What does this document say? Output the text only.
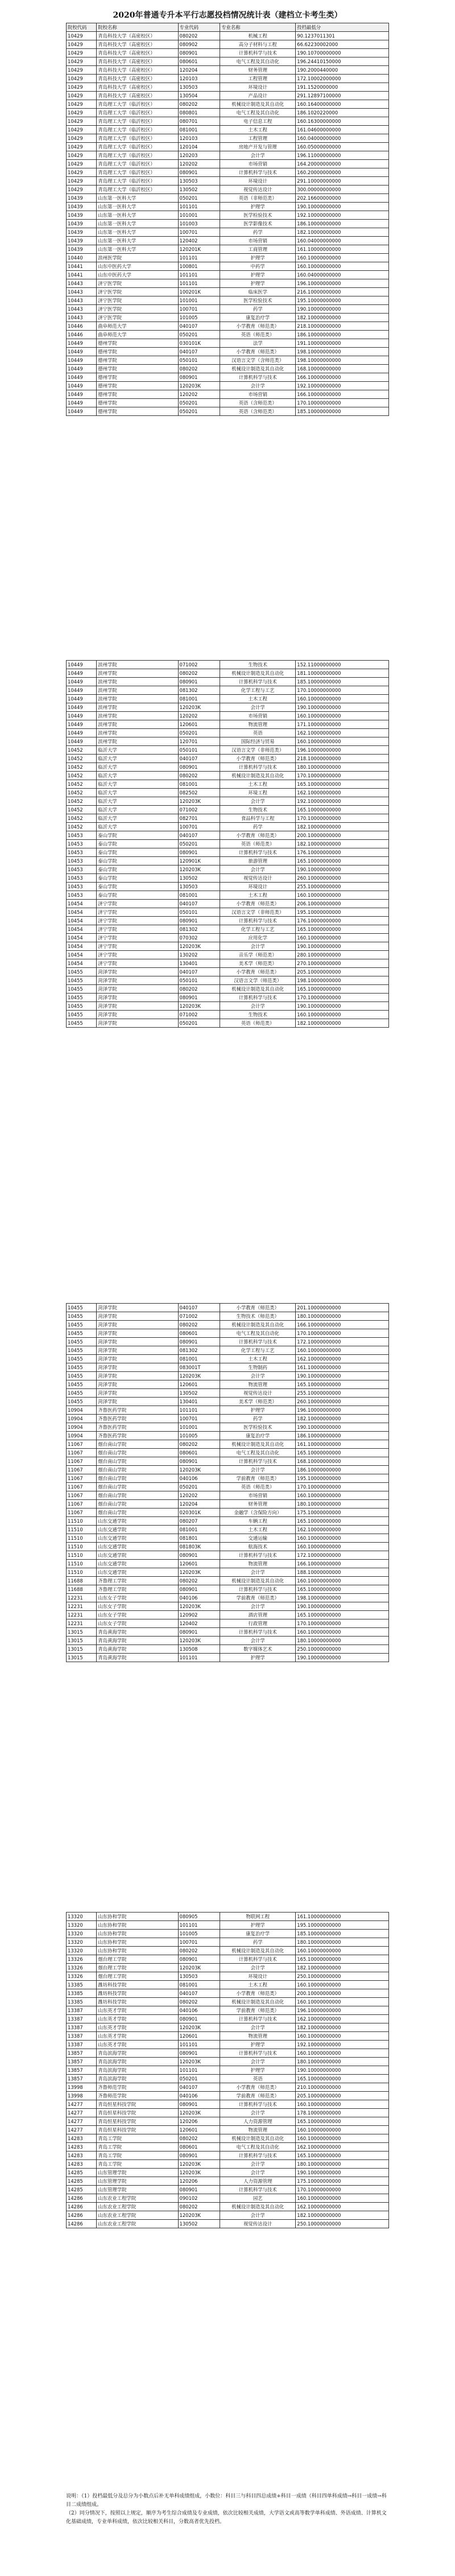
2020年普通专升本平行志愿投档情况统计表（建档立卡考生类）
院校代码	院校名称	专业代码	专业名称	投档最低分
10429	青岛科技大学（高密校区）	080202	机械工程	90.1237011301
10429	青岛科技大学（高密校区）	080902	高分子材料与工程	66.62230002000
10429	青岛科技大学（高密校区）	080901	计算机科学与技术	190.10700000000
10429	青岛科技大学（高密校区）	080601	电气工程及其自动化	196.24410150000
10429	青岛科技大学（高密校区）	120204	财务管理	190.2000440000
10429	青岛科技大学（高密校区）	120103	工程管理	172.10002000000
10429	青岛科技大学（高密校区）	130503	环境设计	191.1520000000
10429	青岛科技大学（高密校区）	130504	产品设计	291.12897100000
10429	青岛理工大学（临沂校区）	080202	机械设计制造及其自动化	160.16400000000
10429	青岛理工大学（临沂校区）	080801	电气工程及其自动化	186.1020220000
10429	青岛理工大学（临沂校区）	080701	电子信息工程	160.16300000000
10429	青岛理工大学（临沂校区）	081001	土木工程	161.04600000000
10429	青岛理工大学（临沂校区）	120103	工程管理	160.04000000000
10429	青岛理工大学（临沂校区）	120104	房地产开发与管理	160.05000000000
10429	青岛理工大学（临沂校区）	120203	会计学	196.11000000000
10429	青岛理工大学（临沂校区）	120202	市场营销	164.20000000000
10429	青岛理工大学（临沂校区）	080901	计算机科学与技术	160.20000000000
10429	青岛理工大学（临沂校区）	130503	环境设计	291.10000000000
10429	青岛理工大学（临沂校区）	130502	视觉传达设计	300.00000000000
10439	山东第一医科大学	050201	英语（非师范类）	202.16600000000
10439	山东第一医科大学	101101	护理学	190.10000000000
10439	山东第一医科大学	101001	医学检验技术	192.10000000000
10439	山东第一医科大学	101003	医学影像技术	186.10000000000
10439	山东第一医科大学	100701	药学	182.10000000000
10439	山东第一医科大学	120402	市场营销	160.04000000000
10439	山东第一医科大学	120201K	工商管理	161.10000000000
10440	滨州医学院	101101	护理学	160.10000000000
10441	山东中医药大学	100801	中药学	160.10000000000
10441	山东中医药大学	101101	护理学	160.04000000000
10443	济宁医学院	101101	护理学	196.10000000000
10443	济宁医学院	100201K	临床医学	216.10000000000
10443	济宁医学院	101001	医学检验技术	195.10000000000
10443	济宁医学院	100701	药学	190.10000000000
10443	济宁医学院	101005	康复治疗学	182.10000000000
10446	曲阜师范大学	040107	小学教育（师范类）	218.10000000000
10446	曲阜师范大学	050201	英语（师范类）	186.10000000000
10449	德州学院	030101K	法学	191.10000000000
10449	德州学院	040107	小学教育（师范类）	198.10000000000
10449	德州学院	050101	汉语言文学（含师范类）	198.10000000000
10449	德州学院	080202	机械设计制造及其自动化	168.10000000000
10449	德州学院	080901	计算机科学与技术	166.10000000000
10449	德州学院	120203K	会计学	192.10000000000
10449	德州学院	120202	市场营销	166.10000000000
10449	德州学院	050201	英语（含师范类）	170.10000000000
10449	德州学院	050201	英语（含师范类）	185.10000000000
10449	滨州学院	071002	生物技术	152.11000000000
10449	滨州学院	080202	机械设计制造及其自动化	181.10000000000
10449	滨州学院	080901	计算机科学与技术	185.10000000000
10449	滨州学院	081302	化学工程与工艺	170.10000000000
10449	滨州学院	081001	土木工程	160.10000000000
10449	滨州学院	120203K	会计学	190.10000000000
10449	滨州学院	120202	市场营销	160.10000000000
10449	滨州学院	120601	物流管理	171.10000000000
10449	滨州学院	050201	英语	162.10000000000
10449	滨州学院	120701	国际经济与贸易	160.10000000000
10452	临沂大学	050101	汉语言文学（非师范类）	196.10000000000
10452	临沂大学	040107	小学教育（师范类）	218.10000000000
10452	临沂大学	080901	计算机科学与技术	180.10000000000
10452	临沂大学	080202	机械设计制造及其自动化	170.10000000000
10452	临沂大学	081001	土木工程	165.10000000000
10452	临沂大学	082502	环境工程	162.10000000000
10452	临沂大学	120203K	会计学	192.10000000000
10452	临沂大学	071002	生物技术	165.10000000000
10452	临沂大学	082701	食品科学与工程	170.10000000000
10452	临沂大学	100701	药学	182.10000000000
10453	泰山学院	040107	小学教育（师范类）	200.10000000000
10453	泰山学院	050201	英语（师范类）	182.10000000000
10453	泰山学院	080901	计算机科学与技术	176.10000000000
10453	泰山学院	120901K	旅游管理	165.10000000000
10453	泰山学院	120203K	会计学	190.10000000000
10453	泰山学院	130502	视觉传达设计	260.10000000000
10453	泰山学院	130503	环境设计	255.10000000000
10453	泰山学院	081001	土木工程	160.10000000000
10454	济宁学院	040107	小学教育（师范类）	206.10000000000
10454	济宁学院	050101	汉语言文学（非师范类）	195.10000000000
10454	济宁学院	080901	计算机科学与技术	176.10000000000
10454	济宁学院	081302	化学工程与工艺	165.10000000000
10454	济宁学院	070302	应用化学	160.10000000000
10454	济宁学院	120203K	会计学	190.10000000000
10454	济宁学院	130202	音乐学（师范类）	280.10000000000
10454	济宁学院	130401	美术学（师范类）	270.10000000000
10455	菏泽学院	040107	小学教育（师范类）	205.10000000000
10455	菏泽学院	050101	汉语言文学（师范类）	198.10000000000
10455	菏泽学院	080202	机械设计制造及其自动化	165.10000000000
10455	菏泽学院	080901	计算机科学与技术	170.10000000000
10455	菏泽学院	120203K	会计学	190.10000000000
10455	菏泽学院	071002	生物技术	160.10000000000
10455	菏泽学院	050201	英语（师范类）	182.10000000000
10455	菏泽学院	040107	小学教育（师范类）	201.10000000000
10455	菏泽学院	071002	生物技术（师范类）	180.10000000000
10455	菏泽学院	080202	机械设计制造及其自动化	166.10000000000
10455	菏泽学院	080601	电气工程及其自动化	170.10000000000
10455	菏泽学院	080901	计算机科学与技术	172.10000000000
10455	菏泽学院	081302	化学工程与工艺	160.10000000000
10455	菏泽学院	081001	土木工程	162.10000000000
10455	菏泽学院	083001T	生物制药	161.10000000000
10455	菏泽学院	120203K	会计学	190.10000000000
10455	菏泽学院	120601	物流管理	165.10000000000
10455	菏泽学院	130502	视觉传达设计	255.10000000000
10455	菏泽学院	130401	美术学（师范类）	260.10000000000
10904	齐鲁医药学院	101101	护理学	196.10000000000
10904	齐鲁医药学院	100701	药学	182.10000000000
10904	齐鲁医药学院	101001	医学检验技术	190.10000000000
10904	齐鲁医药学院	101005	康复治疗学	186.10000000000
11067	烟台南山学院	080202	机械设计制造及其自动化	161.10000000000
11067	烟台南山学院	080601	电气工程及其自动化	165.10000000000
11067	烟台南山学院	080901	计算机科学与技术	168.10000000000
11067	烟台南山学院	120203K	会计学	186.10000000000
11067	烟台南山学院	040106	学前教育（师范类）	195.10000000000
11067	烟台南山学院	050201	英语（师范类）	170.10000000000
11067	烟台南山学院	120202	市场营销	160.10000000000
11067	烟台南山学院	120204	财务管理	180.10000000000
11067	烟台南山学院	020301K	金融学（含保险方向）	175.10000000000
11510	山东交通学院	080207	车辆工程	165.10000000000
11510	山东交通学院	081001	土木工程	162.10000000000
11510	山东交通学院	081801	交通运输	160.10000000000
11510	山东交通学院	081803K	航海技术	160.10000000000
11510	山东交通学院	080901	计算机科学与技术	172.10000000000
11510	山东交通学院	120601	物流管理	166.10000000000
11510	山东交通学院	120203K	会计学	188.10000000000
11688	齐鲁理工学院	080202	机械设计制造及其自动化	160.10000000000
11688	齐鲁理工学院	080901	计算机科学与技术	165.10000000000
12231	山东女子学院	040106	学前教育（师范类）	198.10000000000
12231	山东女子学院	120203K	会计学	190.10000000000
12231	山东女子学院	120902	酒店管理	165.10000000000
12231	山东女子学院	120402	行政管理	170.10000000000
13015	青岛黄海学院	080901	计算机科学与技术	160.10000000000
13015	青岛黄海学院	120203K	会计学	180.10000000000
13015	青岛黄海学院	130508	数字媒体艺术	250.10000000000
13015	青岛黄海学院	101101	护理学	190.10000000000
13320	山东协和学院	080905	物联网工程	161.10000000000
13320	山东协和学院	101101	护理学	195.10000000000
13320	山东协和学院	101005	康复治疗学	185.10000000000
13320	山东协和学院	100701	药学	180.10000000000
13320	山东协和学院	080202	机械设计制造及其自动化	160.10000000000
13326	烟台理工学院	080901	计算机科学与技术	165.10000000000
13326	烟台理工学院	120203K	会计学	182.10000000000
13326	烟台理工学院	130503	环境设计	250.10000000000
13385	潍坊科技学院	081001	土木工程	160.10000000000
13385	潍坊科技学院	040107	小学教育（师范类）	200.10000000000
13385	潍坊科技学院	080202	机械设计制造及其自动化	160.10000000000
13387	山东英才学院	040106	学前教育（师范类）	196.10000000000
13387	山东英才学院	080901	计算机科学与技术	162.10000000000
13387	山东英才学院	120203K	会计学	182.10000000000
13387	山东英才学院	120601	物流管理	160.10000000000
13387	山东英才学院	101101	护理学	192.10000000000
13857	青岛滨海学院	080901	计算机科学与技术	160.10000000000
13857	青岛滨海学院	120203K	会计学	180.10000000000
13857	青岛滨海学院	101101	护理学	190.10000000000
13857	青岛滨海学院	050201	英语	165.10000000000
13998	齐鲁师范学院	040107	小学教育（师范类）	210.10000000000
13998	齐鲁师范学院	040106	学前教育（师范类）	205.10000000000
14277	青岛恒星科技学院	080901	计算机科学与技术	160.10000000000
14277	青岛恒星科技学院	120203K	会计学	178.10000000000
14277	青岛恒星科技学院	120206	人力资源管理	165.10000000000
14277	青岛恒星科技学院	120601	物流管理	160.10000000000
14283	青岛工学院	080202	机械设计制造及其自动化	160.10000000000
14283	青岛工学院	080601	电气工程及其自动化	162.10000000000
14283	青岛工学院	080901	计算机科学与技术	165.10000000000
14283	青岛工学院	120203K	会计学	180.10000000000
14285	山东管理学院	120203K	会计学	190.10000000000
14285	山东管理学院	120206	人力资源管理	175.10000000000
14285	山东管理学院	080901	计算机科学与技术	170.10000000000
14286	山东农业工程学院	090102	园艺	160.10000000000
14286	山东农业工程学院	080202	机械设计制造及其自动化	162.10000000000
14286	山东农业工程学院	120203K	会计学	182.10000000000
14286	山东农业工程学院	130502	视觉传达设计	250.10000000000

说明：（1）投档最低分及总分为小数点后补无单科成绩组成，小数位：科目三与科目四总成绩+科目一成绩（科目四单科成绩→科目一成绩→科目二成绩组成。

（2）同分情况下，按照以上规定，顺序为考生综合成绩及专业成绩，依次比较相关成绩，大学语文或高等数学单科成绩、外语成绩、计算机文化基础成绩，专业单科成绩，依次比较相关科目，分数高者优先投档。
